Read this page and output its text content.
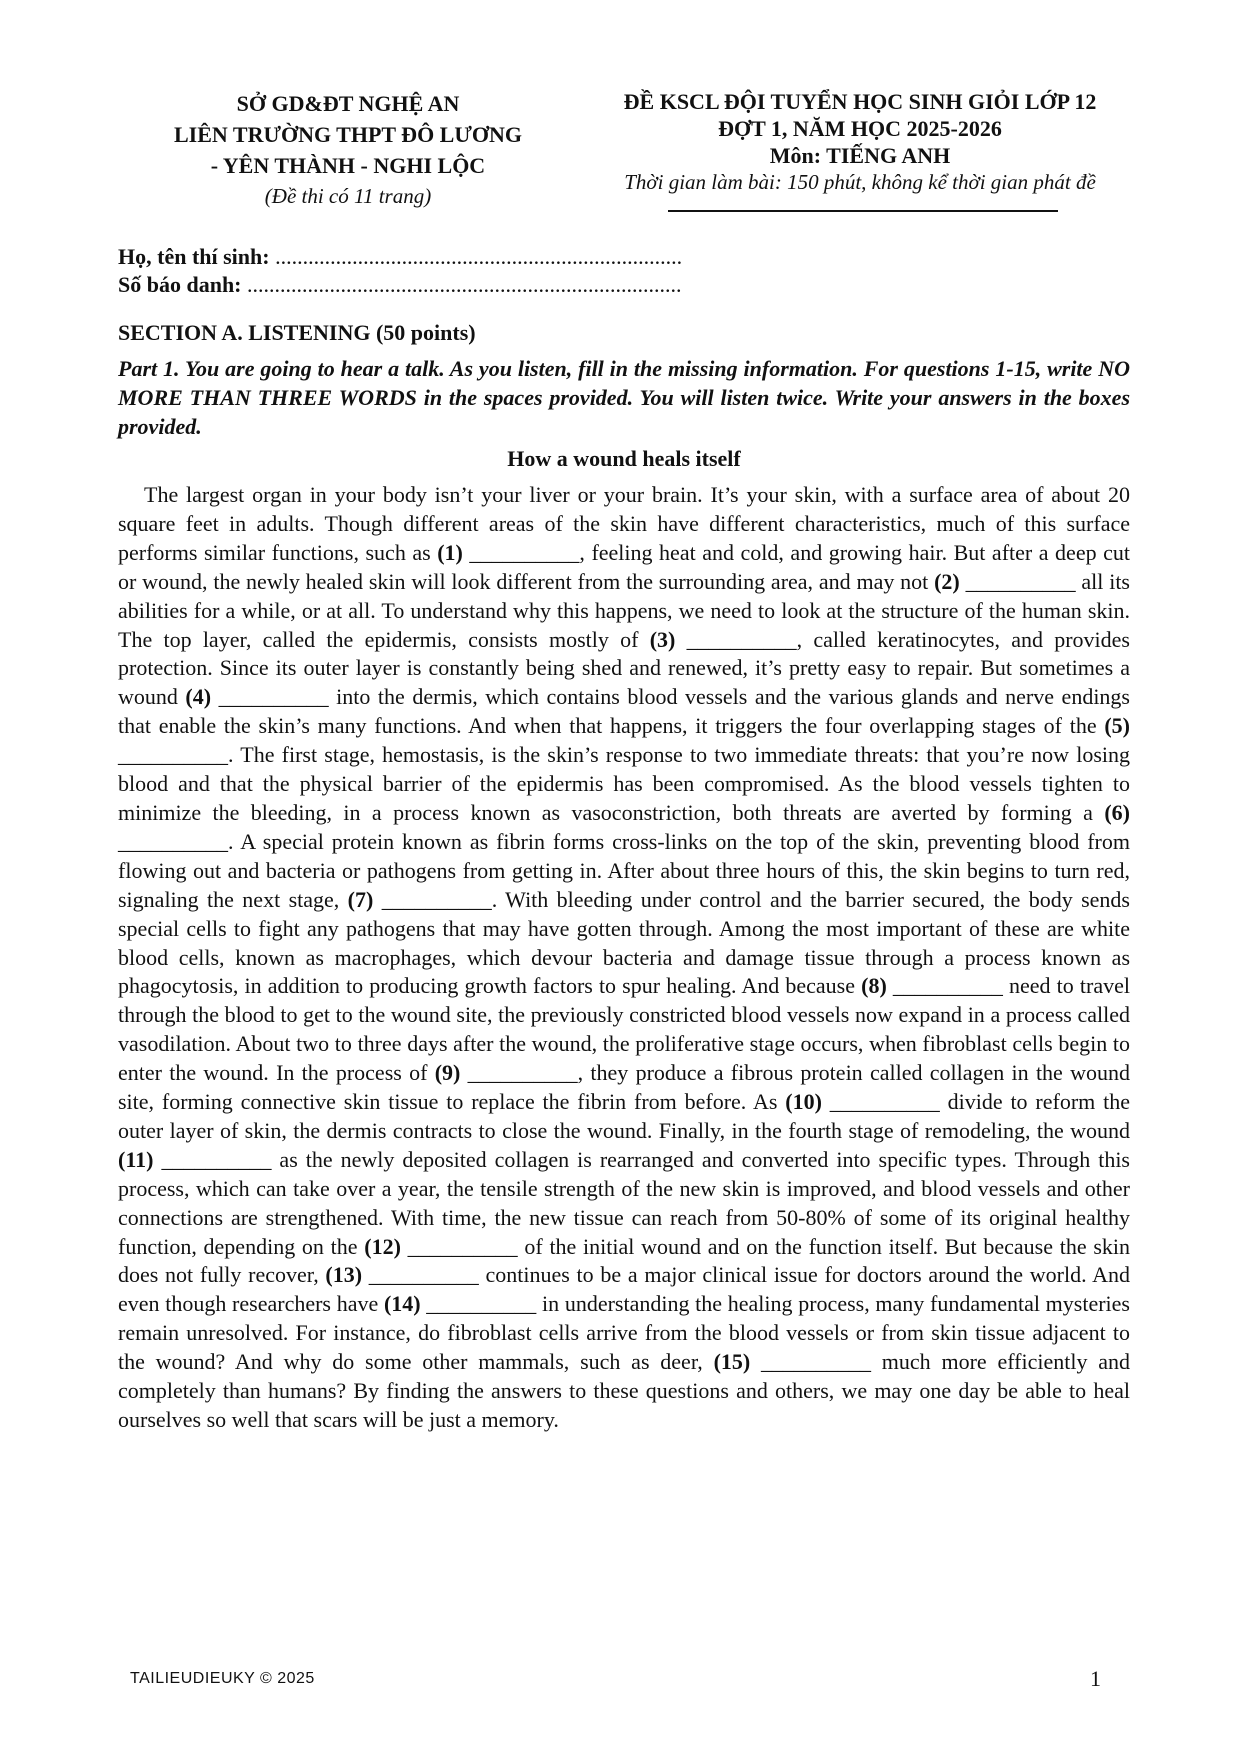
SỞ GD&ĐT NGHỆ AN
LIÊN TRƯỜNG THPT ĐÔ LƯƠNG
- YÊN THÀNH - NGHI LỘC
(Đề thi có 11 trang)
ĐỀ KSCL ĐỘI TUYỂN HỌC SINH GIỎI LỚP 12
ĐỢT 1, NĂM HỌC 2025-2026
Môn: TIẾNG ANH
Thời gian làm bài: 150 phút, không kể thời gian phát đề
Họ, tên thí sinh: ..........................................................................
Số báo danh: ...............................................................................
SECTION A. LISTENING (50 points)
Part 1. You are going to hear a talk. As you listen, fill in the missing information. For questions 1-15, write NO MORE THAN THREE WORDS in the spaces provided. You will listen twice. Write your answers in the boxes provided.
How a wound heals itself
The largest organ in your body isn’t your liver or your brain. It’s your skin, with a surface area of about 20 square feet in adults. Though different areas of the skin have different characteristics, much of this surface performs similar functions, such as (1) __________, feeling heat and cold, and growing hair. But after a deep cut or wound, the newly healed skin will look different from the surrounding area, and may not (2) __________ all its abilities for a while, or at all. To understand why this happens, we need to look at the structure of the human skin. The top layer, called the epidermis, consists mostly of (3) __________, called keratinocytes, and provides protection. Since its outer layer is constantly being shed and renewed, it’s pretty easy to repair. But sometimes a wound (4) __________ into the dermis, which contains blood vessels and the various glands and nerve endings that enable the skin’s many functions. And when that happens, it triggers the four overlapping stages of the (5) __________. The first stage, hemostasis, is the skin’s response to two immediate threats: that you’re now losing blood and that the physical barrier of the epidermis has been compromised. As the blood vessels tighten to minimize the bleeding, in a process known as vasoconstriction, both threats are averted by forming a (6) __________. A special protein known as fibrin forms cross-links on the top of the skin, preventing blood from flowing out and bacteria or pathogens from getting in. After about three hours of this, the skin begins to turn red, signaling the next stage, (7) __________. With bleeding under control and the barrier secured, the body sends special cells to fight any pathogens that may have gotten through. Among the most important of these are white blood cells, known as macrophages, which devour bacteria and damage tissue through a process known as phagocytosis, in addition to producing growth factors to spur healing. And because (8) __________ need to travel through the blood to get to the wound site, the previously constricted blood vessels now expand in a process called vasodilation. About two to three days after the wound, the proliferative stage occurs, when fibroblast cells begin to enter the wound. In the process of (9) __________, they produce a fibrous protein called collagen in the wound site, forming connective skin tissue to replace the fibrin from before. As (10) __________ divide to reform the outer layer of skin, the dermis contracts to close the wound. Finally, in the fourth stage of remodeling, the wound (11) __________ as the newly deposited collagen is rearranged and converted into specific types. Through this process, which can take over a year, the tensile strength of the new skin is improved, and blood vessels and other connections are strengthened. With time, the new tissue can reach from 50-80% of some of its original healthy function, depending on the (12) __________ of the initial wound and on the function itself. But because the skin does not fully recover, (13) __________ continues to be a major clinical issue for doctors around the world. And even though researchers have (14) __________ in understanding the healing process, many fundamental mysteries remain unresolved. For instance, do fibroblast cells arrive from the blood vessels or from skin tissue adjacent to the wound? And why do some other mammals, such as deer, (15) __________ much more efficiently and completely than humans? By finding the answers to these questions and others, we may one day be able to heal ourselves so well that scars will be just a memory.
TAILIEUDIEUKY © 2025	1
